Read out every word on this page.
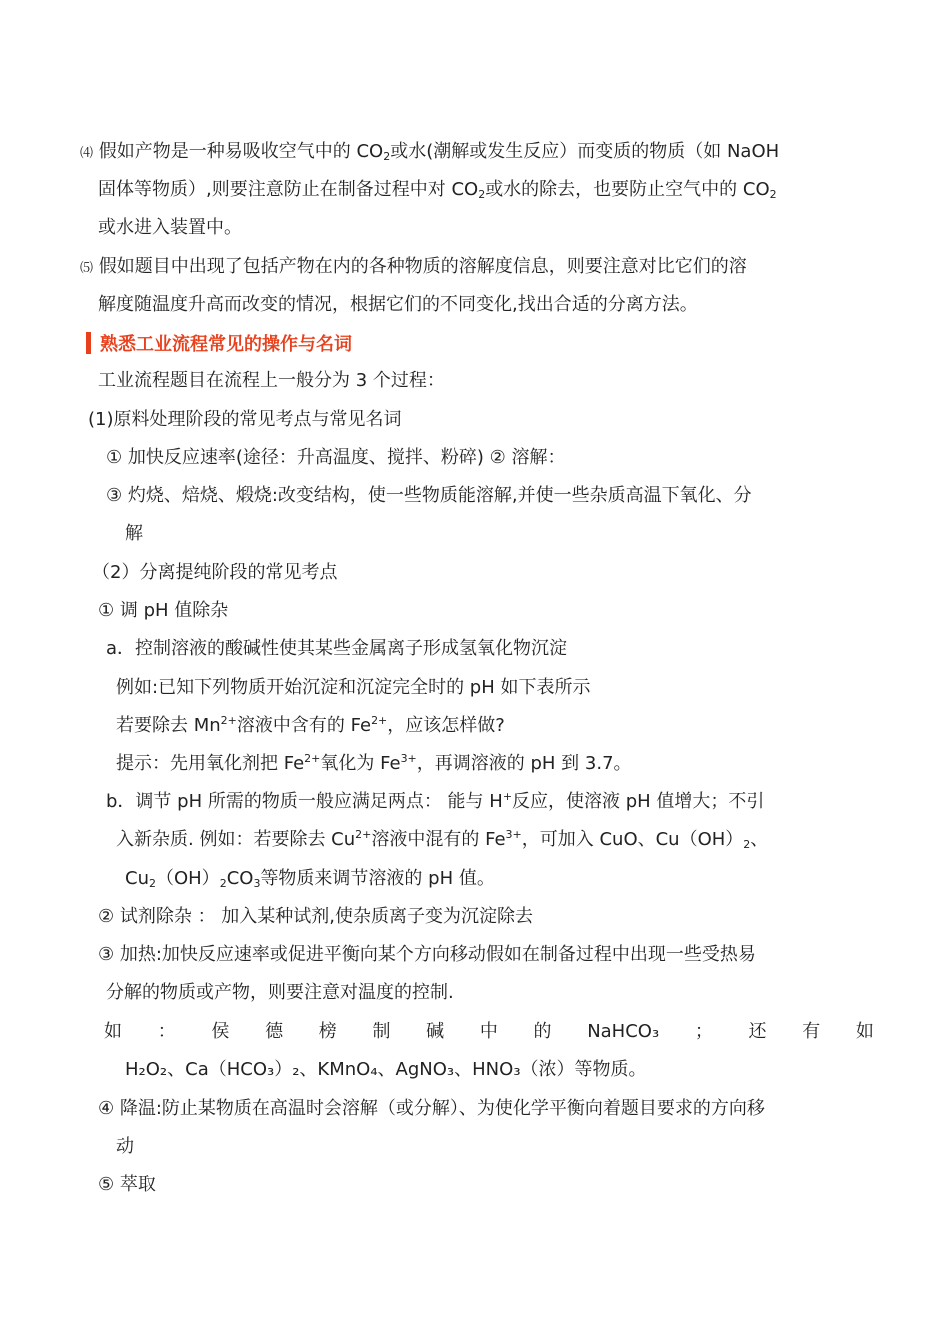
⑷ 假如产物是一种易吸收空气中的 $CO_2$或水(潮解或发生反应）而变质的物质（如 NaOH
固体等物质）,则要注意防止在制备过程中对 $CO_2$或水的除去，也要防止空气中的 $CO_2$
或水进入装置中。
⑸ 假如题目中出现了包括产物在内的各种物质的溶解度信息，则要注意对比它们的溶
解度随温度升高而改变的情况，根据它们的不同变化,找出合适的分离方法。
熟悉工业流程常见的操作与名词
工业流程题目在流程上一般分为 3 个过程：
(1)原料处理阶段的常见考点与常见名词
① 加快反应速率(途径：升高温度、搅拌、粉碎) ② 溶解：
③ 灼烧、焙烧、煅烧:改变结构，使一些物质能溶解,并使一些杂质高温下氧化、分
解
（2）分离提纯阶段的常见考点
① 调 pH 值除杂
a．控制溶液的酸碱性使其某些金属离子形成氢氧化物沉淀
例如:已知下列物质开始沉淀和沉淀完全时的 pH 如下表所示
若要除去 $Mn^{2+}$溶液中含有的 $Fe^{2+}$，应该怎样做?
提示：先用氧化剂把 $Fe^{2+}$氧化为 $Fe^{3+}$，再调溶液的 pH 到 3.7。
b．调节 pH 所需的物质一般应满足两点： 能与 H+反应，使溶液 pH 值增大；不引
入新杂质. 例如：若要除去 $Cu^{2+}$溶液中混有的 $Fe^{3+}$，可加入 CuO、$Cu(OH)_2$、
$Cu_2(OH)_2CO_3$等物质来调节溶液的 pH 值。
② 试剂除杂 ： 加入某种试剂,使杂质离子变为沉淀除去
③ 加热:加快反应速率或促进平衡向某个方向移动假如在制备过程中出现一些受热易
分解的物质或产物，则要注意对温度的控制.
如 ： 侯 德 榜 制 碱 中 的 NaHCO₃ ； 还 有 如
H₂O₂、Ca（HCO₃）₂、KMnO₄、AgNO₃、HNO₃（浓）等物质。
④ 降温:防止某物质在高温时会溶解（或分解）、为使化学平衡向着题目要求的方向移
动
⑤ 萃取
